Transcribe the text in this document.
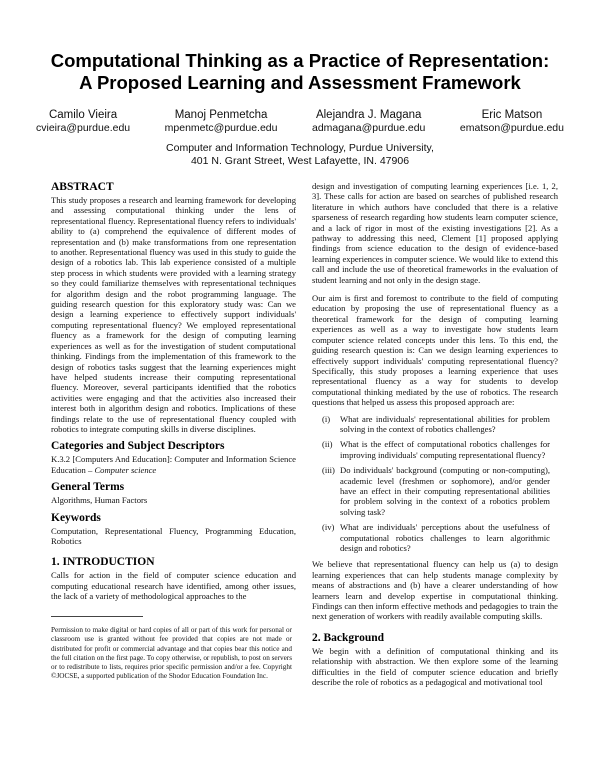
Computational Thinking as a Practice of Representation:
A Proposed Learning and Assessment Framework
Camilo Vieira
cvieira@purdue.edu
Manoj Penmetcha
mpenmetc@purdue.edu
Alejandra J. Magana
admagana@purdue.edu
Eric Matson
ematson@purdue.edu
Computer and Information Technology, Purdue University,
401 N. Grant Street, West Lafayette, IN. 47906
ABSTRACT

This study proposes a research and learning framework for developing and assessing computational thinking under the lens of representational fluency. Representational fluency refers to individuals' ability to (a) comprehend the equivalence of different modes of representation and (b) make transformations from one representation to another. Representational fluency was used in this study to guide the design of a robotics lab. This lab experience consisted of a multiple step process in which students were provided with a learning strategy so they could familiarize themselves with representational techniques for algorithm design and the robot programming language. The guiding research question for this exploratory study was: Can we design a learning experience to effectively support individuals' computing representational fluency? We employed representational fluency as a framework for the design of computing learning experiences as well as for the investigation of student computational thinking. Findings from the implementation of this framework to the design of robotics tasks suggest that the learning experiences might have helped students increase their computing representational fluency. Moreover, several participants identified that the robotics activities were engaging and that the activities also increased their interest both in algorithm design and robotics. Implications of these findings relate to the use of representational fluency coupled with robotics to integrate computing skills in diverse disciplines.

Categories and Subject Descriptors

K.3.2 [Computers And Education]: Computer and Information Science Education – Computer science

General Terms

Algorithms, Human Factors

Keywords

Computation, Representational Fluency, Programming Education, Robotics

1. INTRODUCTION

Calls for action in the field of computer science education and computing educational research have identified, among other issues, the lack of a variety of methodological approaches to the

Permission to make digital or hard copies of all or part of this work for personal or classroom use is granted without fee provided that copies are not made or distributed for profit or commercial advantage and that copies bear this notice and the full citation on the first page. To copy otherwise, or republish, to post on servers or to redistribute to lists, requires prior specific permission and/or a fee. Copyright ©JOCSE, a supported publication of the Shodor Education Foundation Inc.

design and investigation of computing learning experiences [i.e. 1, 2, 3]. These calls for action are based on searches of published research literature in which authors have concluded that there is a relative sparseness of research regarding how students learn computer science, and a lack of rigor in most of the existing investigations [2]. As a pathway to addressing this need, Clement [1] proposed applying findings from science education to the design of evidence-based learning experiences in computer science. We would like to extend this call and include the use of theoretical frameworks in the evaluation of student learning and not only in the design stage.

Our aim is first and foremost to contribute to the field of computing education by proposing the use of representational fluency as a theoretical framework for the design of computing learning experiences as well as a way to investigate how students learn computer science related concepts under this lens. To this end, the guiding research question is: Can we design learning experiences to effectively support individuals' computing representational fluency? Specifically, this study proposes a learning experience that uses representational fluency as a way for students to develop computational thinking mediated by the use of robotics. The research questions that helped us assess this proposed approach are:

(i)	What are individuals' representational abilities for problem solving in the context of robotics challenges?
(ii) What is the effect of computational robotics challenges for improving individuals' computing representational fluency?
(iii) Do individuals' background (computing or non-computing), academic level (freshmen or sophomore), and/or gender have an effect in their computing representational abilities for problem solving in the context of a robotics problem solving task?
(iv) What are individuals' perceptions about the usefulness of computational robotics challenges to learn algorithmic design and robotics?

We believe that representational fluency can help us (a) to design learning experiences that can help students manage complexity by means of abstractions and (b) have a clearer understanding of how learners learn and develop expertise in computational thinking. Findings can then inform effective methods and pedagogies to train the next generation of workers with readily available computing skills.

2. Background

We begin with a definition of computational thinking and its relationship with abstraction. We then explore some of the learning difficulties in the field of computer science education and briefly describe the role of robotics as a pedagogical and motivational tool
